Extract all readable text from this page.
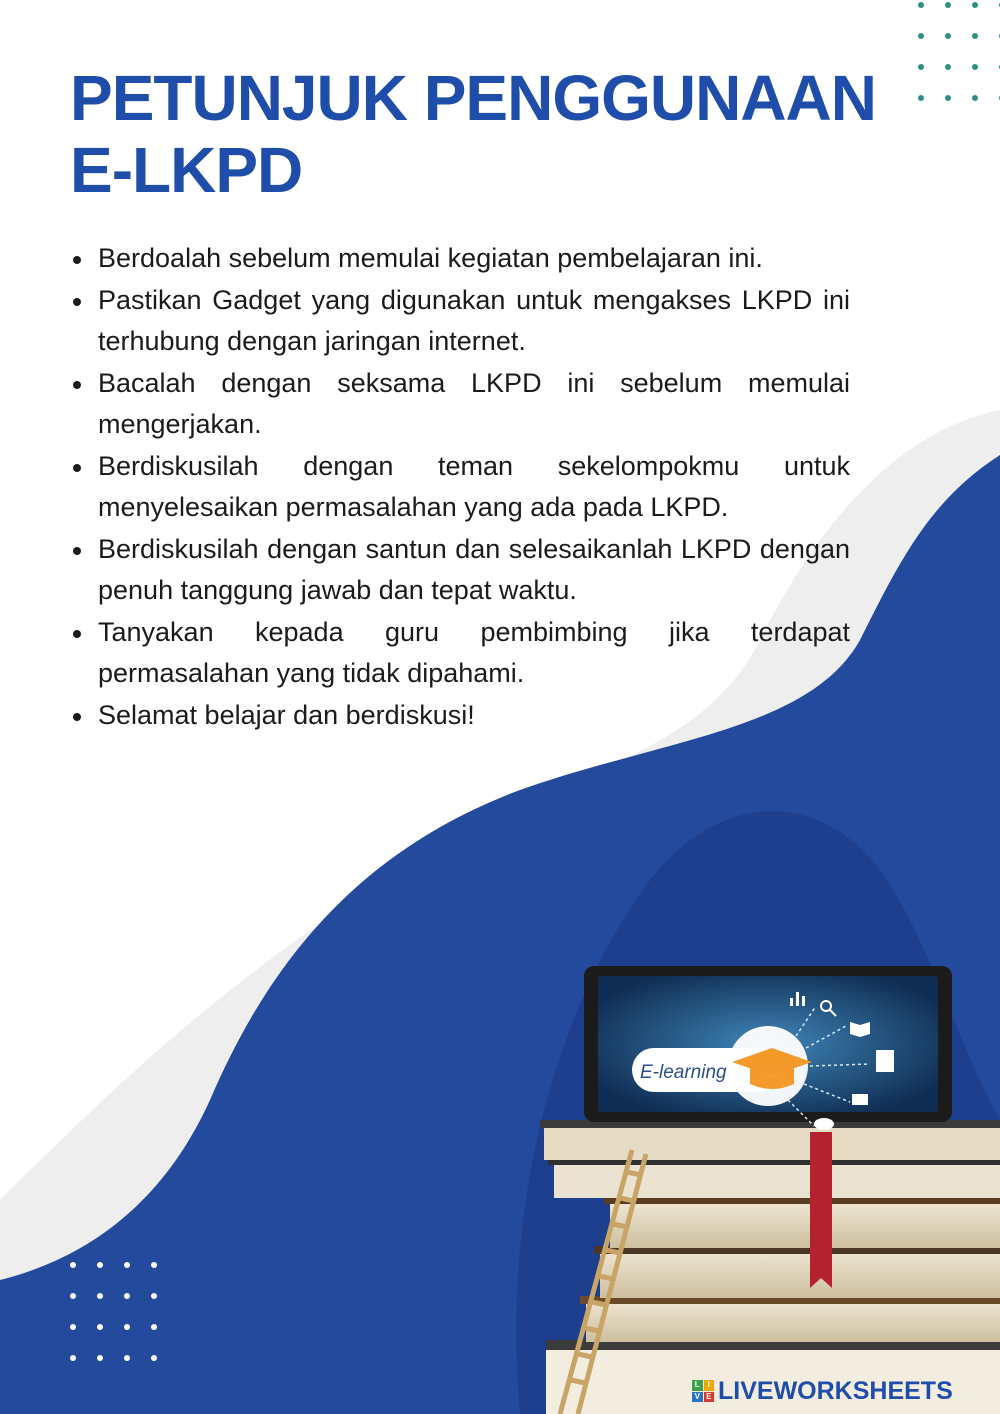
PETUNJUK PENGGUNAAN
E-LKPD
Berdoalah sebelum memulai kegiatan pembelajaran ini.
Pastikan Gadget yang digunakan untuk mengakses LKPD ini terhubung dengan jaringan internet.
Bacalah dengan seksama LKPD ini sebelum memulai mengerjakan.
Berdiskusilah dengan teman sekelompokmu untuk menyelesaikan permasalahan yang ada pada LKPD.
Berdiskusilah dengan santun dan selesaikanlah LKPD dengan penuh tanggung jawab dan tepat waktu.
Tanyakan kepada guru pembimbing jika terdapat permasalahan yang tidak dipahami.
Selamat belajar dan berdiskusi!
E-learning
L I
V E LIVEWORKSHEETS
